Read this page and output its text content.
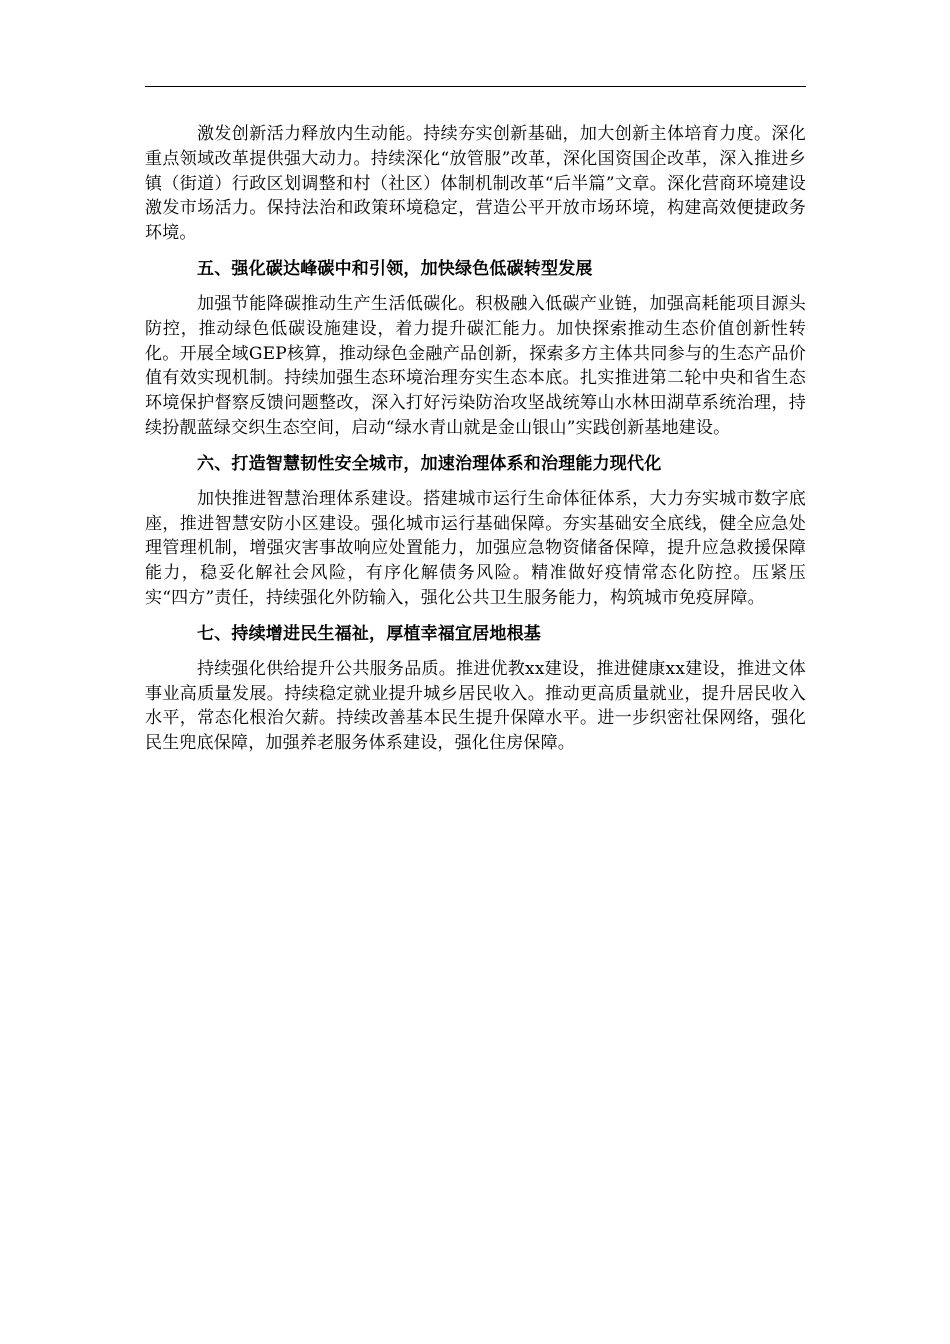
激发创新活力释放内生动能。持续夯实创新基础，加大创新主体培育力度。深化重点领域改革提供强大动力。持续深化“放管服”改革，深化国资国企改革，深入推进乡镇（街道）行政区划调整和村（社区）体制机制改革“后半篇”文章。深化营商环境建设激发市场活力。保持法治和政策环境稳定，营造公平开放市场环境，构建高效便捷政务环境。

五、强化碳达峰碳中和引领，加快绿色低碳转型发展

加强节能降碳推动生产生活低碳化。积极融入低碳产业链，加强高耗能项目源头防控，推动绿色低碳设施建设，着力提升碳汇能力。加快探索推动生态价值创新性转化。开展全域GEP核算，推动绿色金融产品创新，探索多方主体共同参与的生态产品价值有效实现机制。持续加强生态环境治理夯实生态本底。扎实推进第二轮中央和省生态环境保护督察反馈问题整改，深入打好污染防治攻坚战统筹山水林田湖草系统治理，持续扮靓蓝绿交织生态空间，启动“绿水青山就是金山银山”实践创新基地建设。

六、打造智慧韧性安全城市，加速治理体系和治理能力现代化

加快推进智慧治理体系建设。搭建城市运行生命体征体系，大力夯实城市数字底座，推进智慧安防小区建设。强化城市运行基础保障。夯实基础安全底线，健全应急处理管理机制，增强灾害事故响应处置能力，加强应急物资储备保障，提升应急救援保障能力，稳妥化解社会风险，有序化解债务风险。精准做好疫情常态化防控。压紧压实“四方”责任，持续强化外防输入，强化公共卫生服务能力，构筑城市免疫屏障。

七、持续增进民生福祉，厚植幸福宜居地根基

持续强化供给提升公共服务品质。推进优教xx建设，推进健康xx建设，推进文体事业高质量发展。持续稳定就业提升城乡居民收入。推动更高质量就业，提升居民收入水平，常态化根治欠薪。持续改善基本民生提升保障水平。进一步织密社保网络，强化民生兜底保障，加强养老服务体系建设，强化住房保障。
